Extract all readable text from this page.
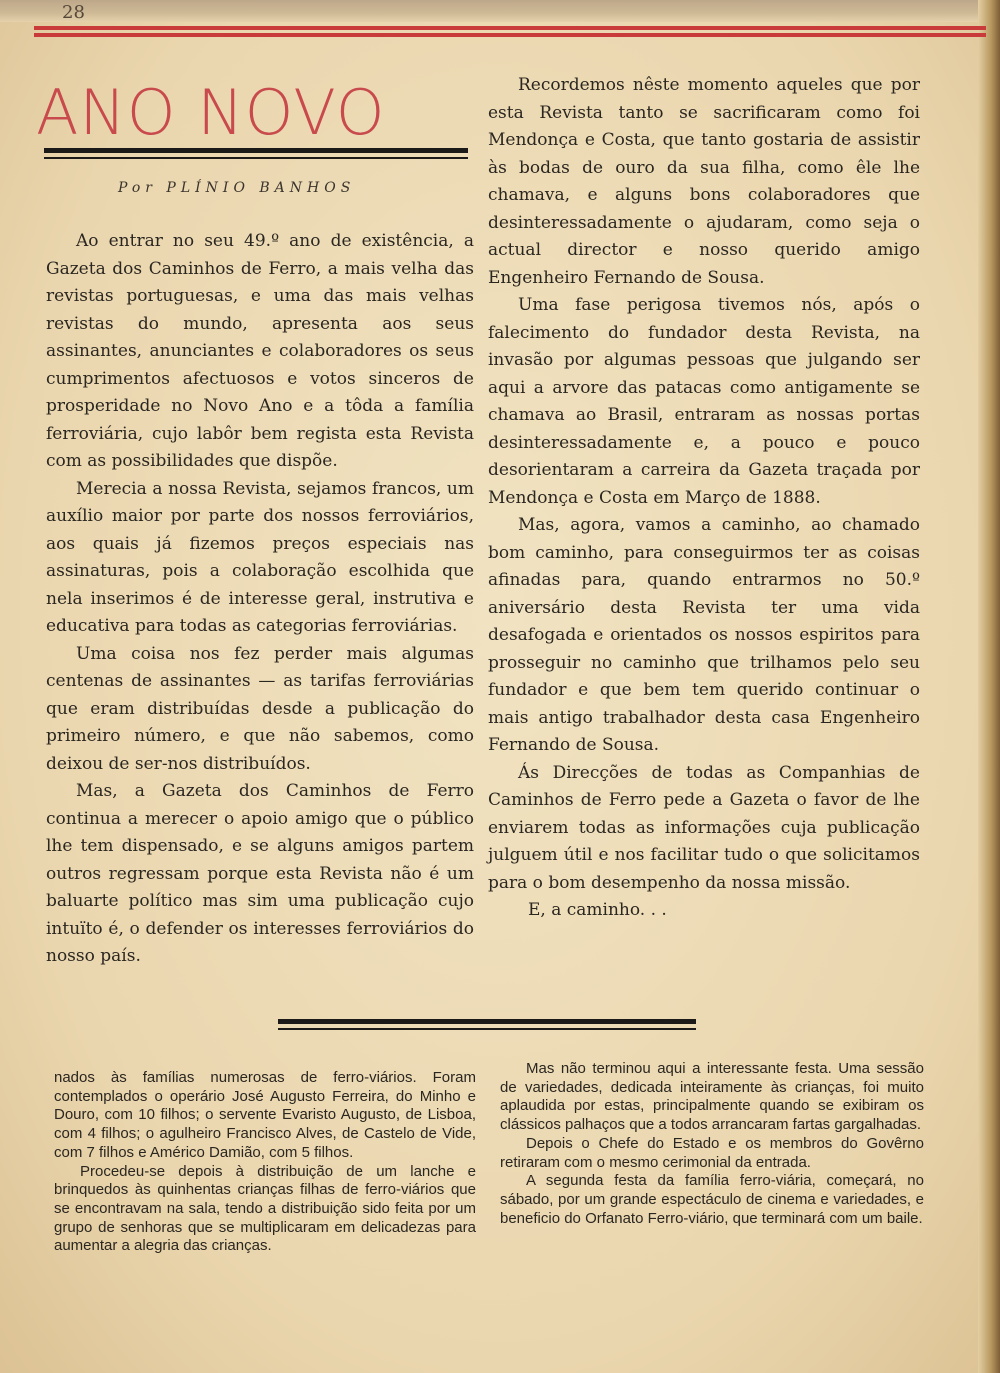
28
ANO NOVO
Por PLÍNIO BANHOS

Ao entrar no seu 49.º ano de existência, a Gazeta dos Caminhos de Ferro, a mais velha das revistas portuguesas, e uma das mais velhas revistas do mundo, apresenta aos seus assinantes, anunciantes e colaboradores os seus cumprimentos afectuosos e votos sinceros de prosperidade no Novo Ano e a tôda a família ferroviária, cujo labôr bem regista esta Revista com as possibilidades que dispõe.

Merecia a nossa Revista, sejamos francos, um auxílio maior por parte dos nossos ferroviários, aos quais já fizemos preços especiais nas assinaturas, pois a colaboração escolhida que nela inserimos é de interesse geral, instrutiva e educativa para todas as categorias ferroviárias.

Uma coisa nos fez perder mais algumas centenas de assinantes — as tarifas ferroviárias que eram distribuídas desde a publicação do primeiro número, e que não sabemos, como deixou de ser-nos distribuídos.

Mas, a Gazeta dos Caminhos de Ferro continua a merecer o apoio amigo que o público lhe tem dispensado, e se alguns amigos partem outros regressam porque esta Revista não é um baluarte político mas sim uma publicação cujo intuïto é, o defender os interesses ferroviários do nosso país.

Recordemos nêste momento aqueles que por esta Revista tanto se sacrificaram como foi Mendonça e Costa, que tanto gostaria de assistir às bodas de ouro da sua filha, como êle lhe chamava, e alguns bons colaboradores que desinteressadamente o ajudaram, como seja o actual director e nosso querido amigo Engenheiro Fernando de Sousa.

Uma fase perigosa tivemos nós, após o falecimento do fundador desta Revista, na invasão por algumas pessoas que julgando ser aqui a arvore das patacas como antigamente se chamava ao Brasil, entraram as nossas portas desinteressadamente e, a pouco e pouco desorientaram a carreira da Gazeta traçada por Mendonça e Costa em Março de 1888.

Mas, agora, vamos a caminho, ao chamado bom caminho, para conseguirmos ter as coisas afinadas para, quando entrarmos no 50.º aniversário desta Revista ter uma vida desafogada e orientados os nossos espiritos para prosseguir no caminho que trilhamos pelo seu fundador e que bem tem querido continuar o mais antigo trabalhador desta casa Engenheiro Fernando de Sousa.

Ás Direcções de todas as Companhias de Caminhos de Ferro pede a Gazeta o favor de lhe enviarem todas as informações cuja publicação julguem útil e nos facilitar tudo o que solicitamos para o bom desempenho da nossa missão.

E, a caminho. . .

nados às famílias numerosas de ferro-viários. Foram contemplados o operário José Augusto Ferreira, do Minho e Douro, com 10 filhos; o servente Evaristo Augusto, de Lisboa, com 4 filhos; o agulheiro Francisco Alves, de Castelo de Vide, com 7 filhos e Américo Damião, com 5 filhos.

Procedeu-se depois à distribuição de um lanche e brinquedos às quinhentas crianças filhas de ferro-viários que se encontravam na sala, tendo a distribuição sido feita por um grupo de senhoras que se multiplicaram em delicadezas para aumentar a alegria das crianças.

Mas não terminou aqui a interessante festa. Uma sessão de variedades, dedicada inteiramente às crianças, foi muito aplaudida por estas, principalmente quando se exibiram os clássicos palhaços que a todos arrancaram fartas gargalhadas.

Depois o Chefe do Estado e os membros do Govêrno retiraram com o mesmo cerimonial da entrada.

A segunda festa da família ferro-viária, começará, no sábado, por um grande espectáculo de cinema e variedades, e beneficio do Orfanato Ferro-viário, que terminará com um baile.
